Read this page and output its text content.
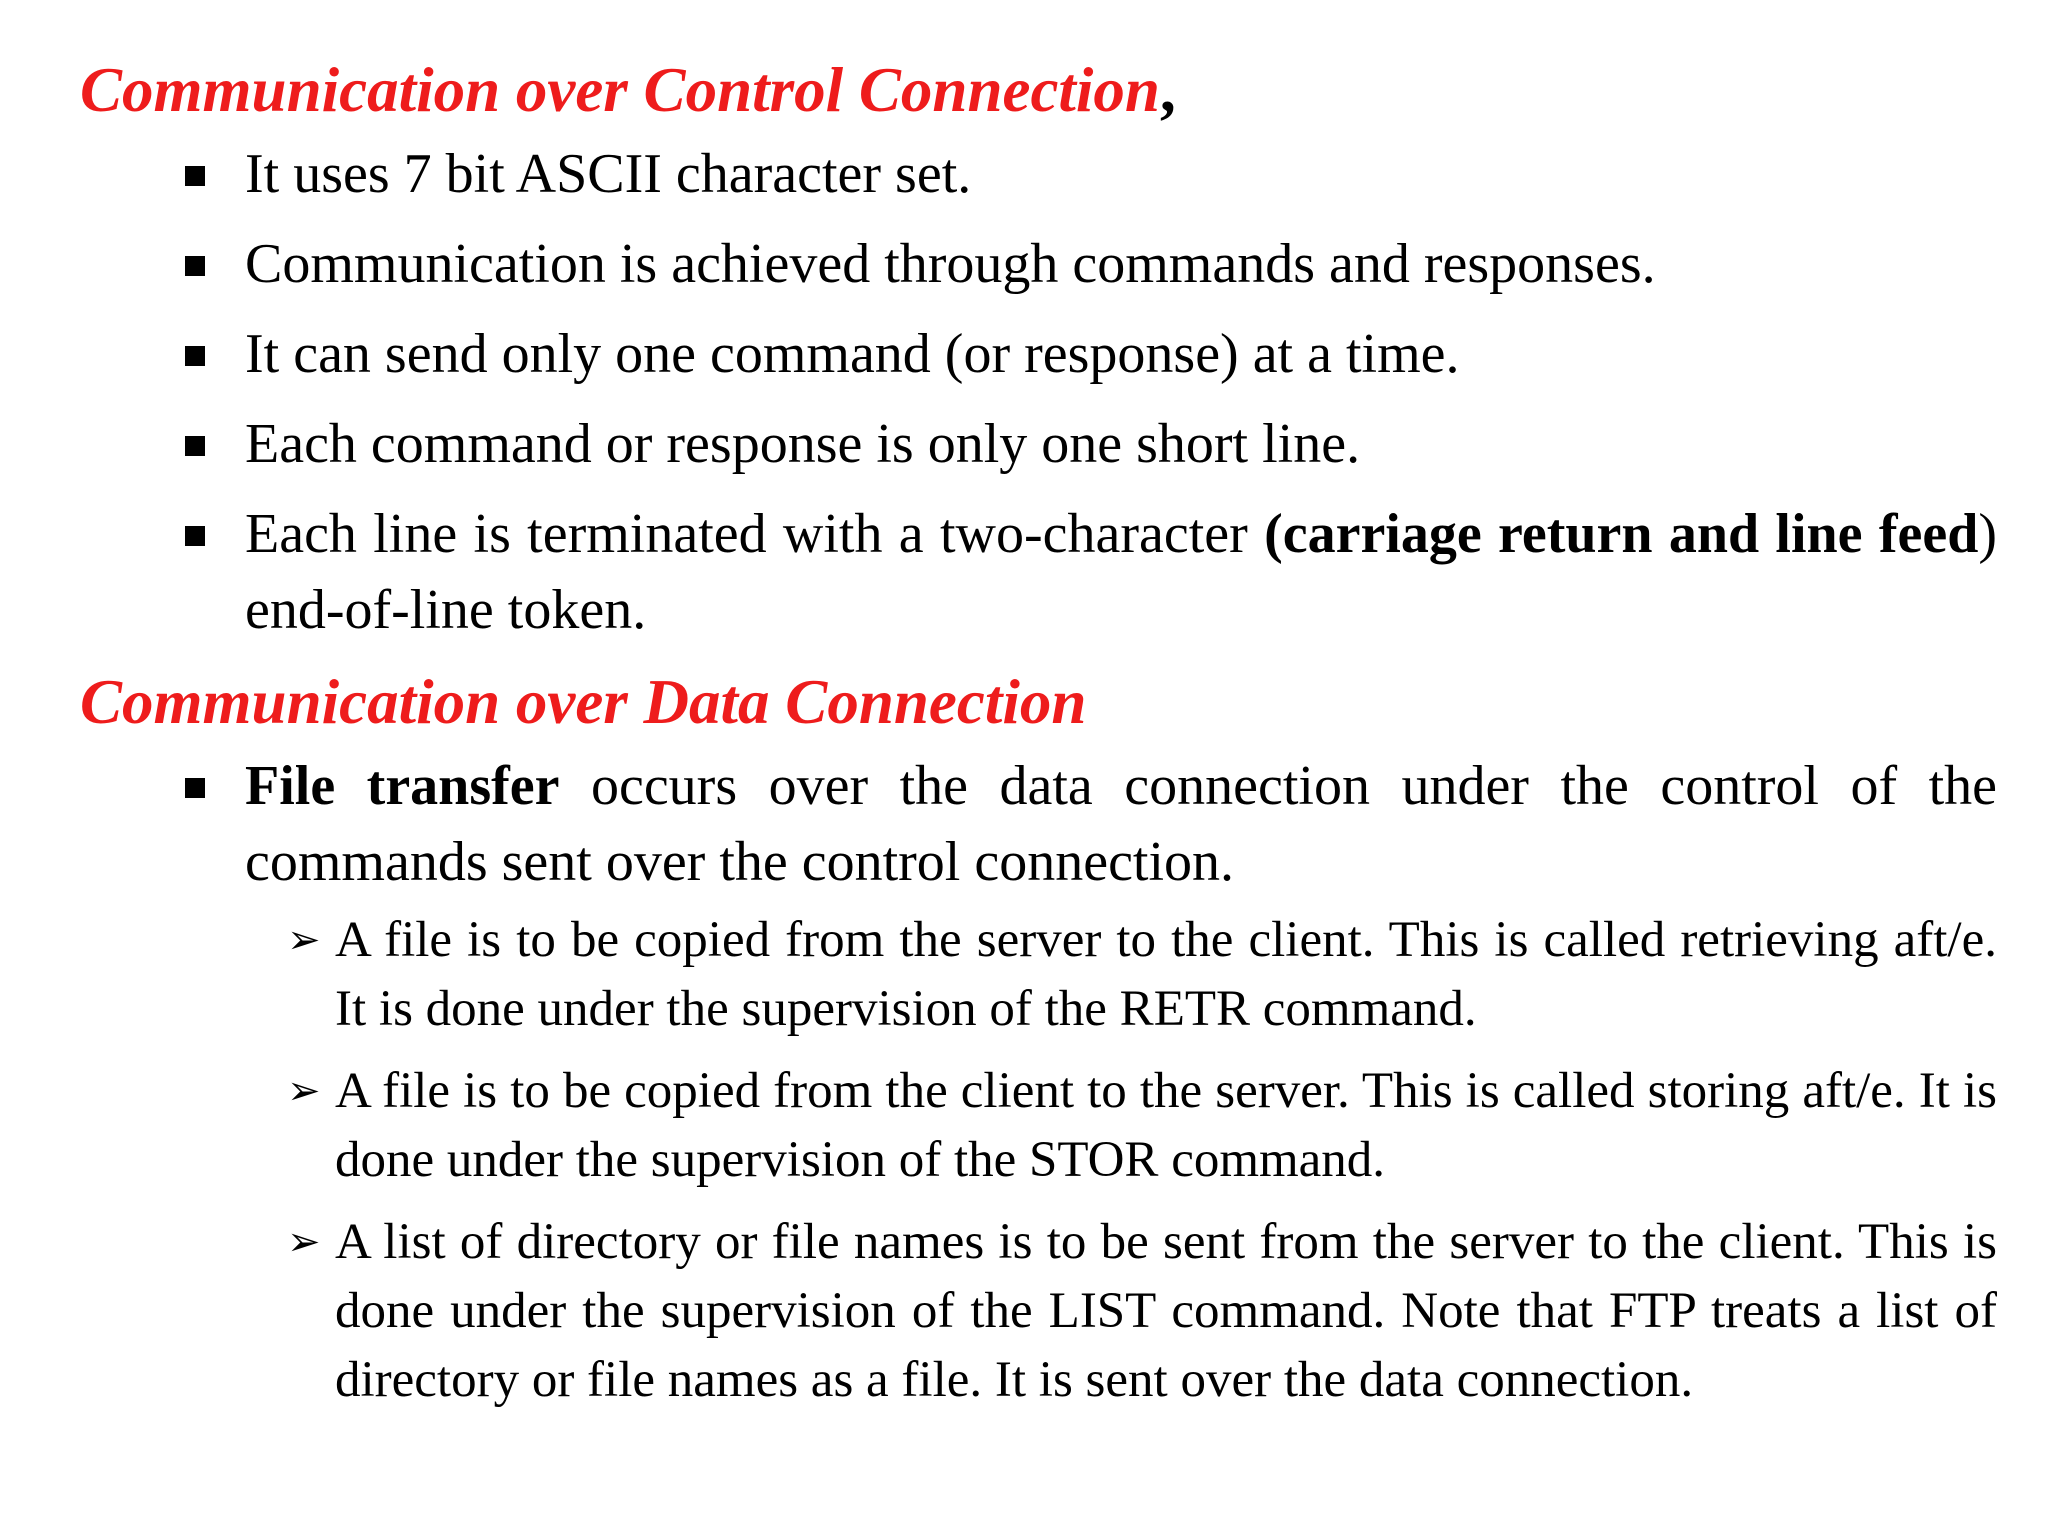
Communication over Control Connection,
It uses 7 bit ASCII character set.
Communication is achieved through commands and responses.
It can send only one command (or response) at a time.
Each command or response is only one short line.
Each line is terminated with a two-character (carriage return and line feed) end-of-line token.
Communication over Data Connection
File transfer occurs over the data connection under the control of the commands sent over the control connection.
➢ A file is to be copied from the server to the client. This is called retrieving aft/e. It is done under the supervision of the RETR command.
➢ A file is to be copied from the client to the server. This is called storing aft/e. It is done under the supervision of the STOR command.
➢ A list of directory or file names is to be sent from the server to the client. This is done under the supervision of the LIST command. Note that FTP treats a list of directory or file names as a file. It is sent over the data connection.
